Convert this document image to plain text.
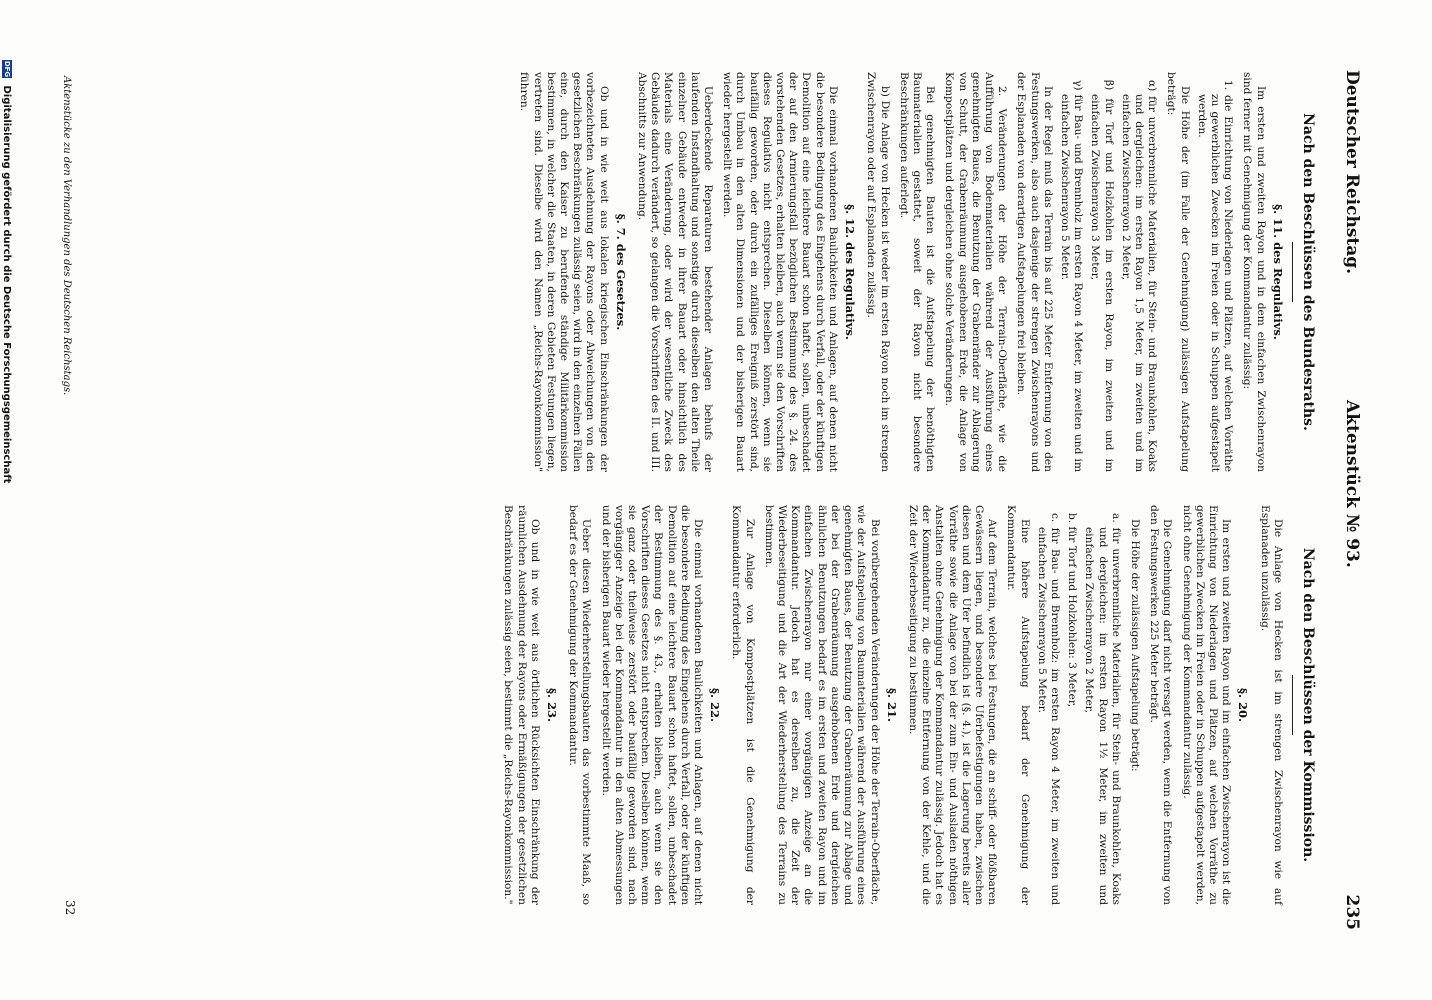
Deutscher Reichstag.
Aktenstück № 93.
235
Nach den Beschlüssen des Bundesraths.
§. 11. des Regulativs.

Im ersten und zweiten Rayon und in dem einfachen Zwischenrayon sind ferner mit Genehmigung der Kommandantur zulässig:

1. die Einrichtung von Niederlagen und Plätzen, auf welchen Vorräthe zu gewerblichen Zwecken im Freien oder in Schuppen aufgestapelt werden.

Die Höhe der (im Falle der Genehmigung) zulässigen Aufstapelung beträgt:

α) für unverbrennliche Materialien, für Stein- und Braunkohlen, Koaks und dergleichen: im ersten Rayon 1,5 Meter, im zweiten und im einfachen Zwischenrayon 2 Meter,

β) für Torf und Holzkohlen im ersten Rayon, im zweiten und im einfachen Zwischenrayon 3 Meter,

γ) für Bau- und Brennholz im ersten Rayon 4 Meter, im zweiten und im einfachen Zwischenrayon 5 Meter.

In der Regel muß das Terrain bis auf 225 Meter Entfernung von den Festungswerken, also auch dasjenige der strengen Zwischenrayons und der Esplanaden von derartigen Aufstapelungen frei bleiben.

2. Veränderungen der Höhe der Terrain-Oberfläche, wie die Aufführung von Bodenmaterialien während der Ausführung eines genehmigten Baues, die Benutzung der Grabenränder zur Ablagerung von Schutt, der Grabenräumung ausgehobenen Erde, die Anlage von Kompostplätzen und dergleichen ohne solche Veränderungen.

Bei genehmigten Bauten ist die Aufstapelung der benöthigten Baumaterialien gestattet, soweit der Rayon nicht besondere Beschränkungen auferlegt.

b) Die Anlage von Hecken ist weder im ersten Rayon noch im strengen Zwischenrayon oder auf Esplanaden zulässig.

§. 12. des Regulativs.

Die einmal vorhandenen Baulichkeiten und Anlagen, auf denen nicht die besondere Bedingung des Eingehens durch Verfall, oder der künftigen Demolition auf eine leichtere Bauart schon haftet, sollen, unbeschadet der auf den Armierungsfall bezüglichen Bestimmung des §. 24. des vorstehenden Gesetzes, erhalten bleiben, auch wenn sie den Vorschriften dieses Regulativs nicht entsprechen. Dieselben können, wenn sie baufällig geworden, oder durch ein zufälliges Ereigniß zerstört sind, durch Umbau in den alten Dimensionen und der bisherigen Bauart wieder hergestellt werden.

Ueberdeckende Reparaturen bestehender Anlagen behufs der laufenden Instandhaltung und sonstige durch dieselben den alten Theile einzelner Gebäude entweder in ihrer Bauart oder hinsichtlich des Materials eine Veränderung, oder wird der wesentliche Zweck des Gebäudes dadurch verändert, so gelangen die Vorschriften des II. und III. Abschnitts zur Anwendung.

§. 7. des Gesetzes.

Ob und in wie weit aus lokalen kriegischen Einschränkungen der vorbezeichneten Ausdehnung der Rayons oder Abweichungen von den gesetzlichen Beschränkungen zulässig seien, wird in den einzelnen Fällen eine, durch den Kaiser zu berufende ständige Militärkommission bestimmen, in welcher die Staaten, in deren Gebieten Festungen liegen, vertreten sind. Dieselbe wird den Namen „Reichs-Rayonkommission" führen.

Nach den Beschlüssen der Kommission.

Die Anlage von Hecken ist im strengen Zwischenrayon wie auf Esplanaden unzulässig.

§. 20.

Im ersten und zweiten Rayon und im einfachen Zwischenrayon ist die Einrichtung von Niederlagen und Plätzen, auf welchen Vorräthe zu gewerblichen Zwecken im Freien oder in Schuppen aufgestapelt werden, nicht ohne Genehmigung der Kommandantur zulässig.

Die Genehmigung darf nicht versagt werden, wenn die Entfernung von den Festungswerken 225 Meter beträgt.

Die Höhe der zulässigen Aufstapelung beträgt:

a. für unverbrennliche Materialien, für Stein- und Braunkohlen, Koaks und dergleichen: im ersten Rayon 1½ Meter, im zweiten und einfachen Zwischenrayon 2 Meter,

b. für Torf und Holzkohlen: 3 Meter,

c. für Bau- und Brennholz: im ersten Rayon 4 Meter, im zweiten und einfachen Zwischenrayon 5 Meter.

Eine höhere Aufstapelung bedarf der Genehmigung der Kommandantur.

Auf dem Terrain, welches bei Festungen, die an schiff- oder flößbaren Gewässern liegen, und besondere Uferbefestigungen haben, zwischen diesen und dem Ufer befindlich ist (§. 4.), ist die Lagerung bereits aller Vorräthe sowie die Anlage von bei der zum Ein- und Ausladen nöthigen Anstalten ohne Genehmigung der Kommandantur zulässig. Jedoch hat es der Kommandantur zu, die einzelne Entfernung von der Kehle, und die Zeit der Wiederbeseitigung zu bestimmen.

§. 21.

Bei vorübergehenden Veränderungen der Höhe der Terrain-Oberfläche, wie der Aufstapelung von Baumaterialien während der Ausführung eines genehmigten Baues, der Benutzung der Grabenräumung zur Ablage und der bei der Grabenräumung ausgehobenen Erde und dergleichen ähnlichen Benutzungen bedarf es im ersten und zweiten Rayon und im einfachen Zwischenrayon nur einer vorgängigen Anzeige an die Kommandantur. Jedoch hat es derselben zu, die Zeit der Wiederbeseitigung und die Art der Wiederherstellung des Terrains zu bestimmen.

Zur Anlage von Kompostplätzen ist die Genehmigung der Kommandantur erforderlich.

§. 22.

Die einmal vorhandenen Baulichkeiten und Anlagen, auf denen nicht die besondere Bedingung des Eingehens durch Verfall, oder der künftigen Demolition auf eine leichtere Bauart schon haftet, sollen, unbeschadet der Bestimmung des §. 43., erhalten bleiben, auch wenn sie den Vorschriften dieses Gesetzes nicht entsprechen. Dieselben können, wenn sie ganz oder theilweise zerstört oder baufällig geworden sind, nach vorgängiger Anzeige bei der Kommandantur in den alten Abmessungen und der bisherigen Bauart wieder hergestellt werden.

Ueber diesen Wiederherstellungsbauten das vorbestimmte Maaß, so bedarf es der Genehmigung der Kommandantur.

§. 23.

Ob und in wie weit aus örtlichen Rücksichten Einschränkung der räumlichen Ausdehnung der Rayons oder Ermäßigungen der gesetzlichen Beschränkungen zulässig seien, bestimmt die „Reichs-Rayonkommission."

Aktenstücke zu den Verhandlungen des Deutschen Reichstags.
32
DFG Digitalisierung gefördert durch die Deutsche Forschungsgemeinschaft
